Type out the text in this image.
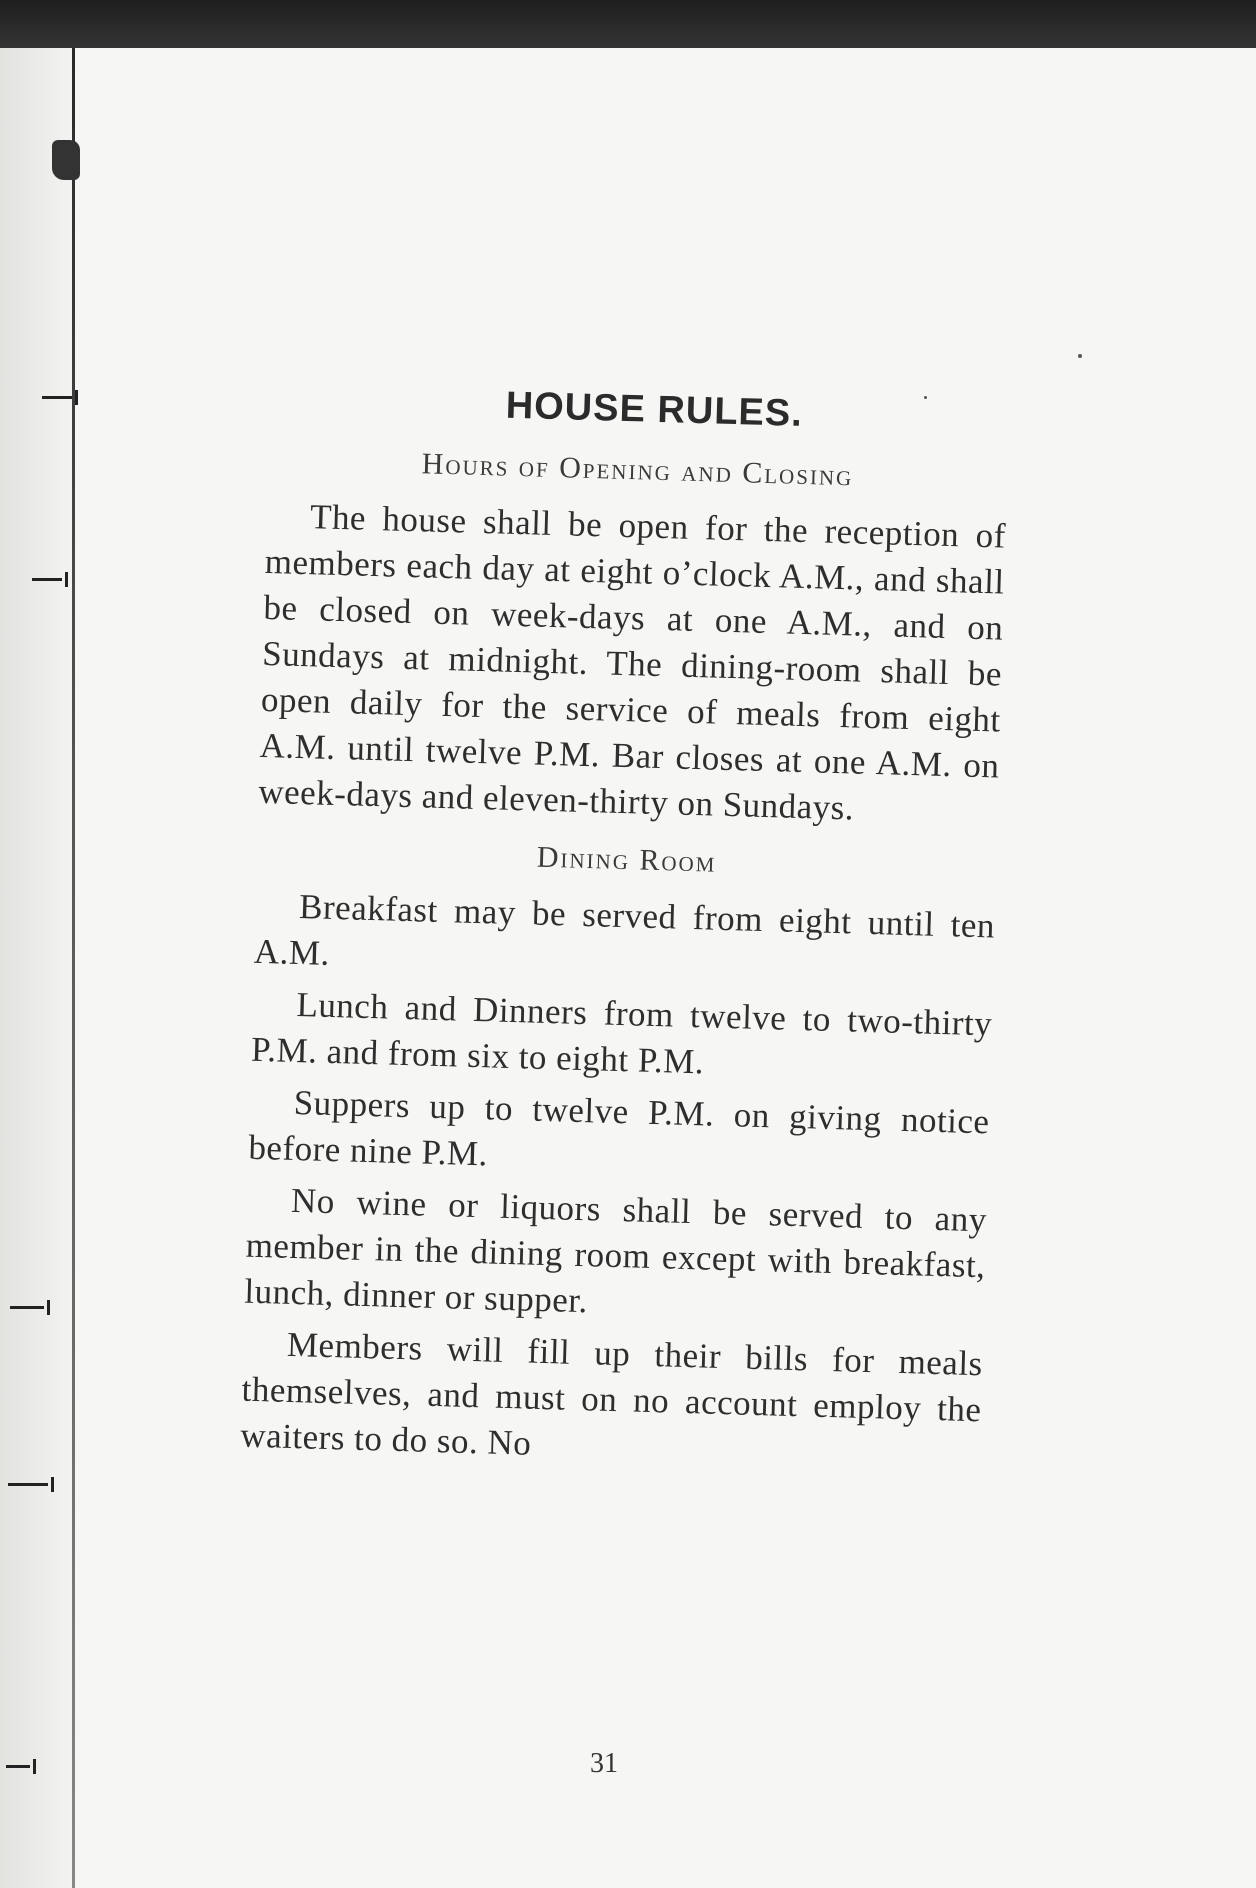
HOUSE RULES.
Hours of Opening and Closing

The house shall be open for the reception of members each day at eight o’clock A.M., and shall be closed on week-days at one A.M., and on Sundays at midnight. The dining-room shall be open daily for the service of meals from eight A.M. until twelve P.M. Bar closes at one A.M. on week-days and eleven-thirty on Sundays.

Dining Room

Breakfast may be served from eight until ten A.M.

Lunch and Dinners from twelve to two-thirty P.M. and from six to eight P.M.

Suppers up to twelve P.M. on giving notice before nine P.M.

No wine or liquors shall be served to any member in the dining room except with breakfast, lunch, dinner or supper.

Members will fill up their bills for meals themselves, and must on no account employ the waiters to do so. No

31
